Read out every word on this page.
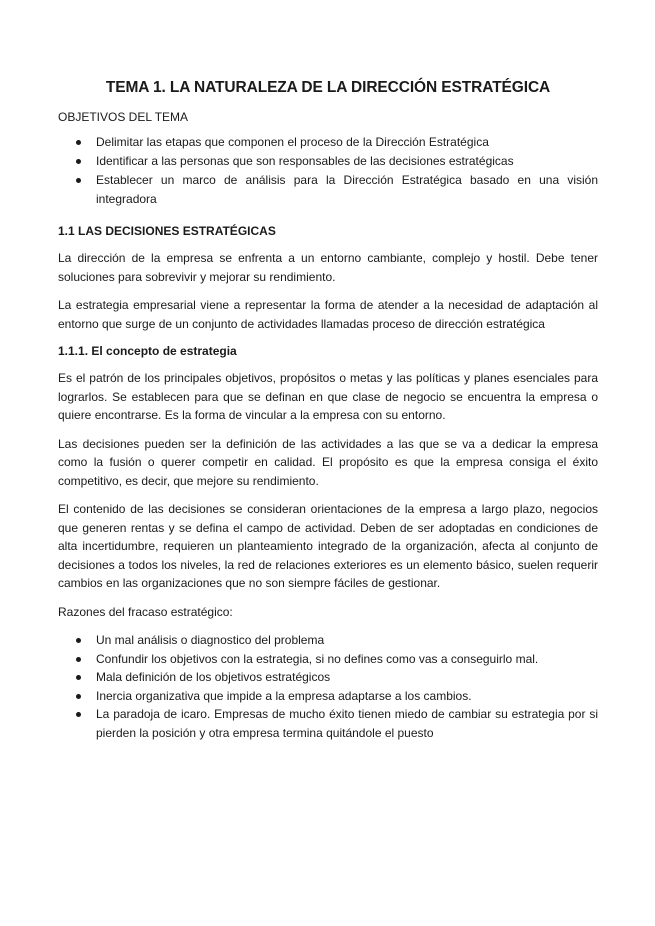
TEMA 1. LA NATURALEZA DE LA DIRECCIÓN ESTRATÉGICA
OBJETIVOS DEL TEMA
Delimitar las etapas que componen el proceso de la Dirección Estratégica
Identificar a las personas que son responsables de las decisiones estratégicas
Establecer un marco de análisis para la Dirección Estratégica basado en una visión integradora
1.1 LAS DECISIONES ESTRATÉGICAS

La dirección de la empresa se enfrenta a un entorno cambiante, complejo y hostil. Debe tener soluciones para sobrevivir y mejorar su rendimiento.

La estrategia empresarial viene a representar la forma de atender a la necesidad de adaptación al entorno que surge de un conjunto de actividades llamadas proceso de dirección estratégica

1.1.1. El concepto de estrategia

Es el patrón de los principales objetivos, propósitos o metas y las políticas y planes esenciales para lograrlos. Se establecen para que se definan en que clase de negocio se encuentra la empresa o quiere encontrarse. Es la forma de vincular a la empresa con su entorno.

Las decisiones pueden ser la definición de las actividades a las que se va a dedicar la empresa como la fusión o querer competir en calidad. El propósito es que la empresa consiga el éxito competitivo, es decir, que mejore su rendimiento.

El contenido de las decisiones se consideran orientaciones de la empresa a largo plazo, negocios que generen rentas y se defina el campo de actividad. Deben de ser adoptadas en condiciones de alta incertidumbre, requieren un planteamiento integrado de la organización, afecta al conjunto de decisiones a todos los niveles, la red de relaciones exteriores es un elemento básico, suelen requerir cambios en las organizaciones que no son siempre fáciles de gestionar.

Razones del fracaso estratégico:

Un mal análisis o diagnostico del problema
Confundir los objetivos con la estrategia, si no defines como vas a conseguirlo mal.
Mala definición de los objetivos estratégicos
Inercia organizativa que impide a la empresa adaptarse a los cambios.
La paradoja de icaro. Empresas de mucho éxito tienen miedo de cambiar su estrategia por si pierden la posición y otra empresa termina quitándole el puesto
